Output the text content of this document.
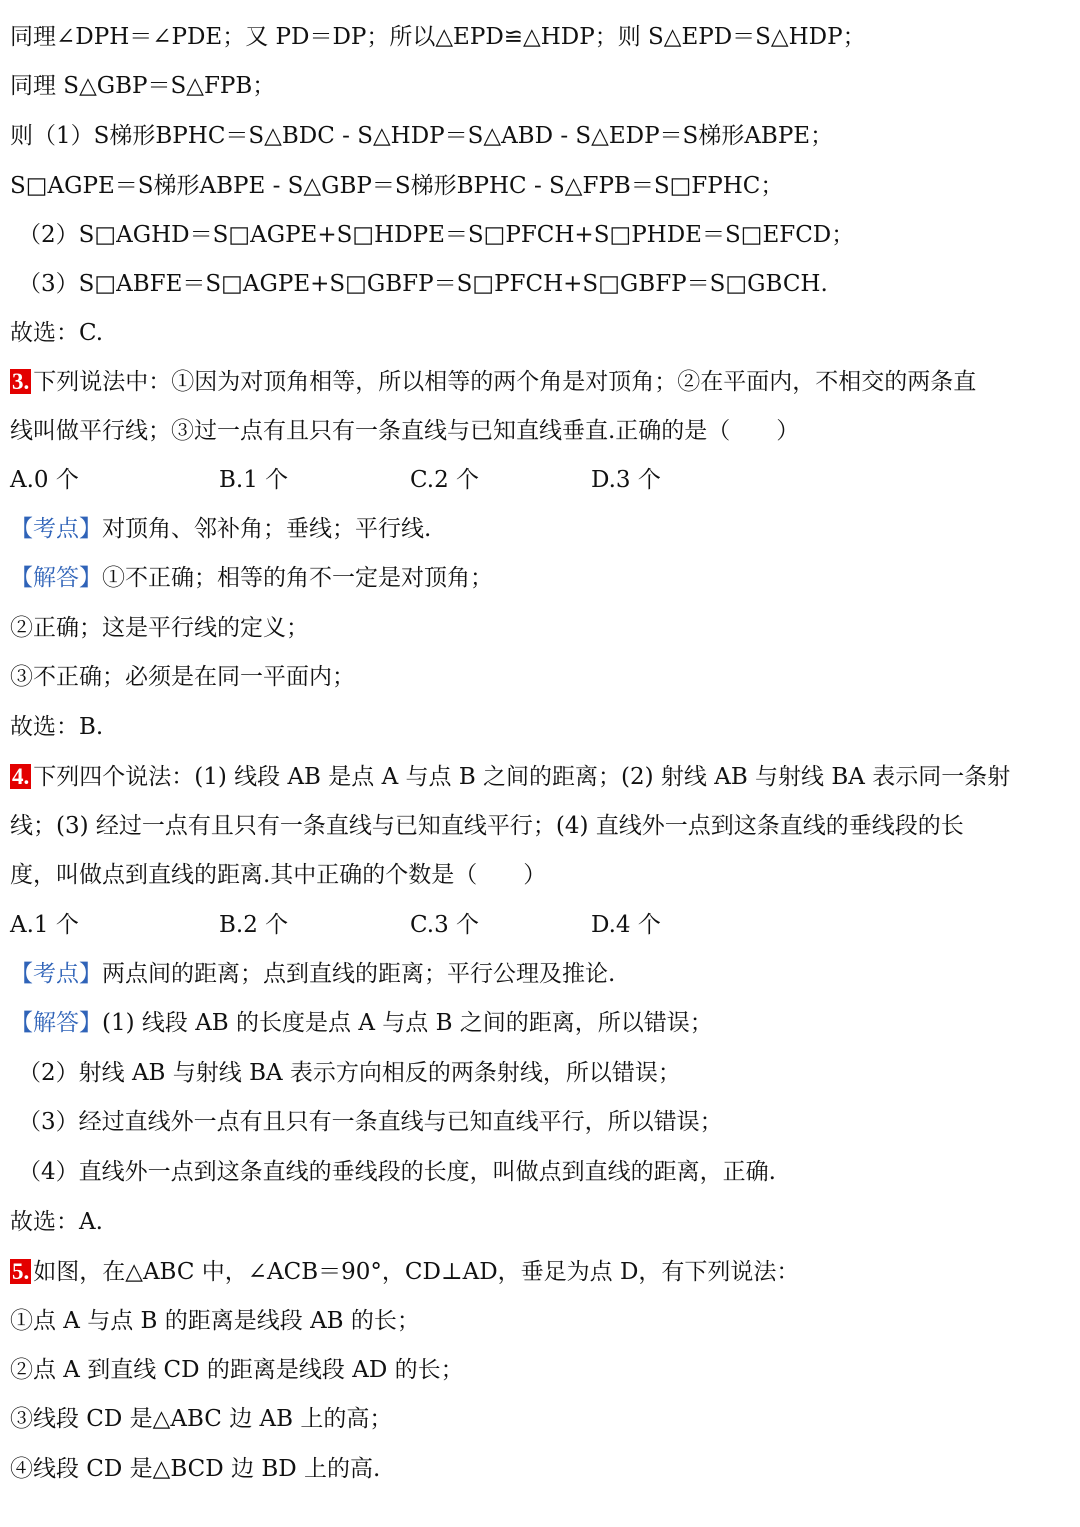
同理∠DPH＝∠PDE；又 PD＝DP；所以△EPD≌△HDP；则 S△EPD＝S△HDP；
同理 S△GBP＝S△FPB；
则（1）S梯形BPHC＝S△BDC - S△HDP＝S△ABD - S△EDP＝S梯形ABPE；
S□AGPE＝S梯形ABPE - S△GBP＝S梯形BPHC - S△FPB＝S□FPHC；
（2）S□AGHD＝S□AGPE+S□HDPE＝S□PFCH+S□PHDE＝S□EFCD；
（3）S□ABFE＝S□AGPE+S□GBFP＝S□PFCH+S□GBFP＝S□GBCH.
故选：C.
3. 下列说法中：①因为对顶角相等，所以相等的两个角是对顶角；②在平面内，不相交的两条直
线叫做平行线；③过一点有且只有一条直线与已知直线垂直.正确的是（　　）
A.0 个	B.1 个	C.2 个	D.3 个
【考点】对顶角、邻补角；垂线；平行线.
【解答】①不正确；相等的角不一定是对顶角；
②正确；这是平行线的定义；
③不正确；必须是在同一平面内；
故选：B.
4. 下列四个说法：(1) 线段 AB 是点 A 与点 B 之间的距离；(2) 射线 AB 与射线 BA 表示同一条射
线；(3) 经过一点有且只有一条直线与已知直线平行；(4) 直线外一点到这条直线的垂线段的长
度，叫做点到直线的距离.其中正确的个数是（　　）
A.1 个	B.2 个	C.3 个	D.4 个
【考点】两点间的距离；点到直线的距离；平行公理及推论.
【解答】(1) 线段 AB 的长度是点 A 与点 B 之间的距离，所以错误；
（2）射线 AB 与射线 BA 表示方向相反的两条射线，所以错误；
（3）经过直线外一点有且只有一条直线与已知直线平行，所以错误；
（4）直线外一点到这条直线的垂线段的长度，叫做点到直线的距离，正确.
故选：A.
5. 如图，在△ABC 中，∠ACB＝90°，CD⊥AD，垂足为点 D，有下列说法：
①点 A 与点 B 的距离是线段 AB 的长；
②点 A 到直线 CD 的距离是线段 AD 的长；
③线段 CD 是△ABC 边 AB 上的高；
④线段 CD 是△BCD 边 BD 上的高.
